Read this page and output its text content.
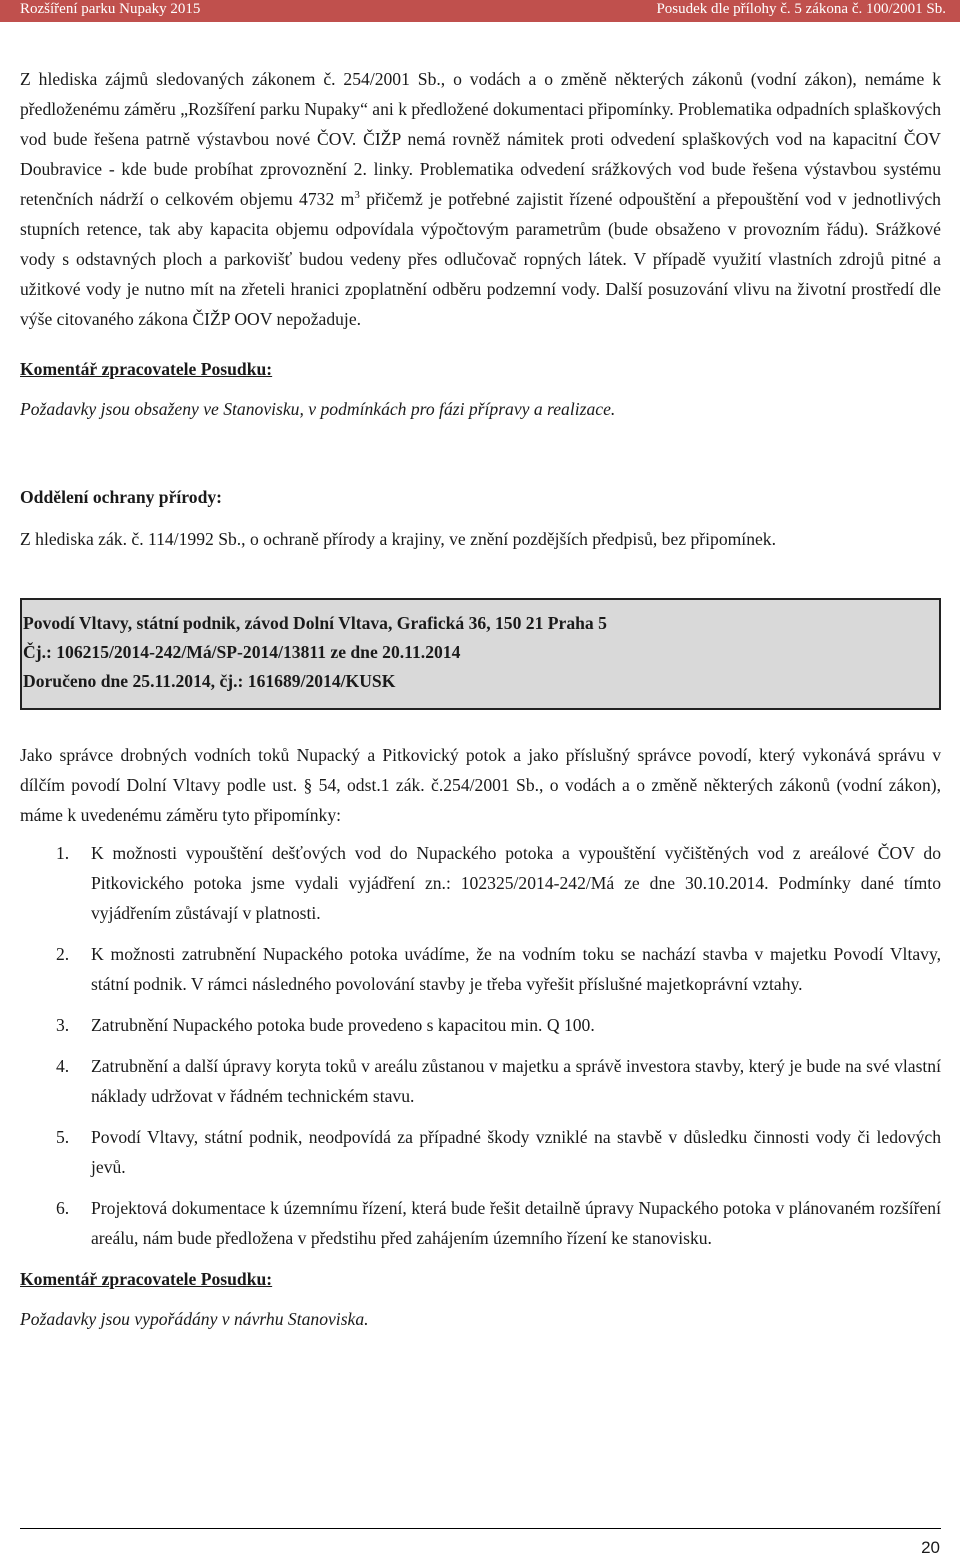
Rozšíření parku Nupaky 2015	Posudek dle přílohy č. 5 zákona č. 100/2001 Sb.

Z hlediska zájmů sledovaných zákonem č. 254/2001 Sb., o vodách a o změně některých zákonů (vodní zákon), nemáme k předloženému záměru „Rozšíření parku Nupaky“ ani k předložené dokumentaci připomínky. Problematika odpadních splaškových vod bude řešena patrně výstavbou nové ČOV. ČIŽP nemá rovněž námitek proti odvedení splaškových vod na kapacitní ČOV Doubravice - kde bude probíhat zprovoznění 2. linky. Problematika odvedení srážkových vod bude řešena výstavbou systému retenčních nádrží o celkovém objemu 4732 $m^3$ přičemž je potřebné zajistit řízené odpouštění a přepouštění vod v jednotlivých stupních retence, tak aby kapacita objemu odpovídala výpočtovým parametrům (bude obsaženo v provozním řádu). Srážkové vody s odstavných ploch a parkovišť budou vedeny přes odlučovač ropných látek. V případě využití vlastních zdrojů pitné a užitkové vody je nutno mít na zřeteli hranici zpoplatnění odběru podzemní vody. Další posuzování vlivu na životní prostředí dle výše citovaného zákona ČIŽP OOV nepožaduje.

Komentář zpracovatele Posudku:

Požadavky jsou obsaženy ve Stanovisku, v podmínkách pro fázi přípravy a realizace.

Oddělení ochrany přírody:

Z hlediska zák. č. 114/1992 Sb., o ochraně přírody a krajiny, ve znění pozdějších předpisů, bez připomínek.

Povodí Vltavy, státní podnik, závod Dolní Vltava, Grafická 36, 150 21 Praha 5
Čj.: 106215/2014-242/Má/SP-2014/13811 ze dne 20.11.2014
Doručeno dne 25.11.2014, čj.: 161689/2014/KUSK

Jako správce drobných vodních toků Nupacký a Pitkovický potok a jako příslušný správce povodí, který vykonává správu v dílčím povodí Dolní Vltavy podle ust. § 54, odst.1 zák. č.254/2001 Sb., o vodách a o změně některých zákonů (vodní zákon), máme k uvedenému záměru tyto připomínky:

1. K možnosti vypouštění dešťových vod do Nupackého potoka a vypouštění vyčištěných vod z areálové ČOV do Pitkovického potoka jsme vydali vyjádření zn.: 102325/2014-242/Má ze dne 30.10.2014. Podmínky dané tímto vyjádřením zůstávají v platnosti.
2. K možnosti zatrubnění Nupackého potoka uvádíme, že na vodním toku se nachází stavba v majetku Povodí Vltavy, státní podnik. V rámci následného povolování stavby je třeba vyřešit příslušné majetkoprávní vztahy.
3. Zatrubnění Nupackého potoka bude provedeno s kapacitou min. Q 100.
4. Zatrubnění a další úpravy koryta toků v areálu zůstanou v majetku a správě investora stavby, který je bude na své vlastní náklady udržovat v řádném technickém stavu.
5. Povodí Vltavy, státní podnik, neodpovídá za případné škody vzniklé na stavbě v důsledku činnosti vody či ledových jevů.
6. Projektová dokumentace k územnímu řízení, která bude řešit detailně úpravy Nupackého potoka v plánovaném rozšíření areálu, nám bude předložena v předstihu před zahájením územního řízení ke stanovisku.

Komentář zpracovatele Posudku:

Požadavky jsou vypořádány v návrhu Stanoviska.

20
